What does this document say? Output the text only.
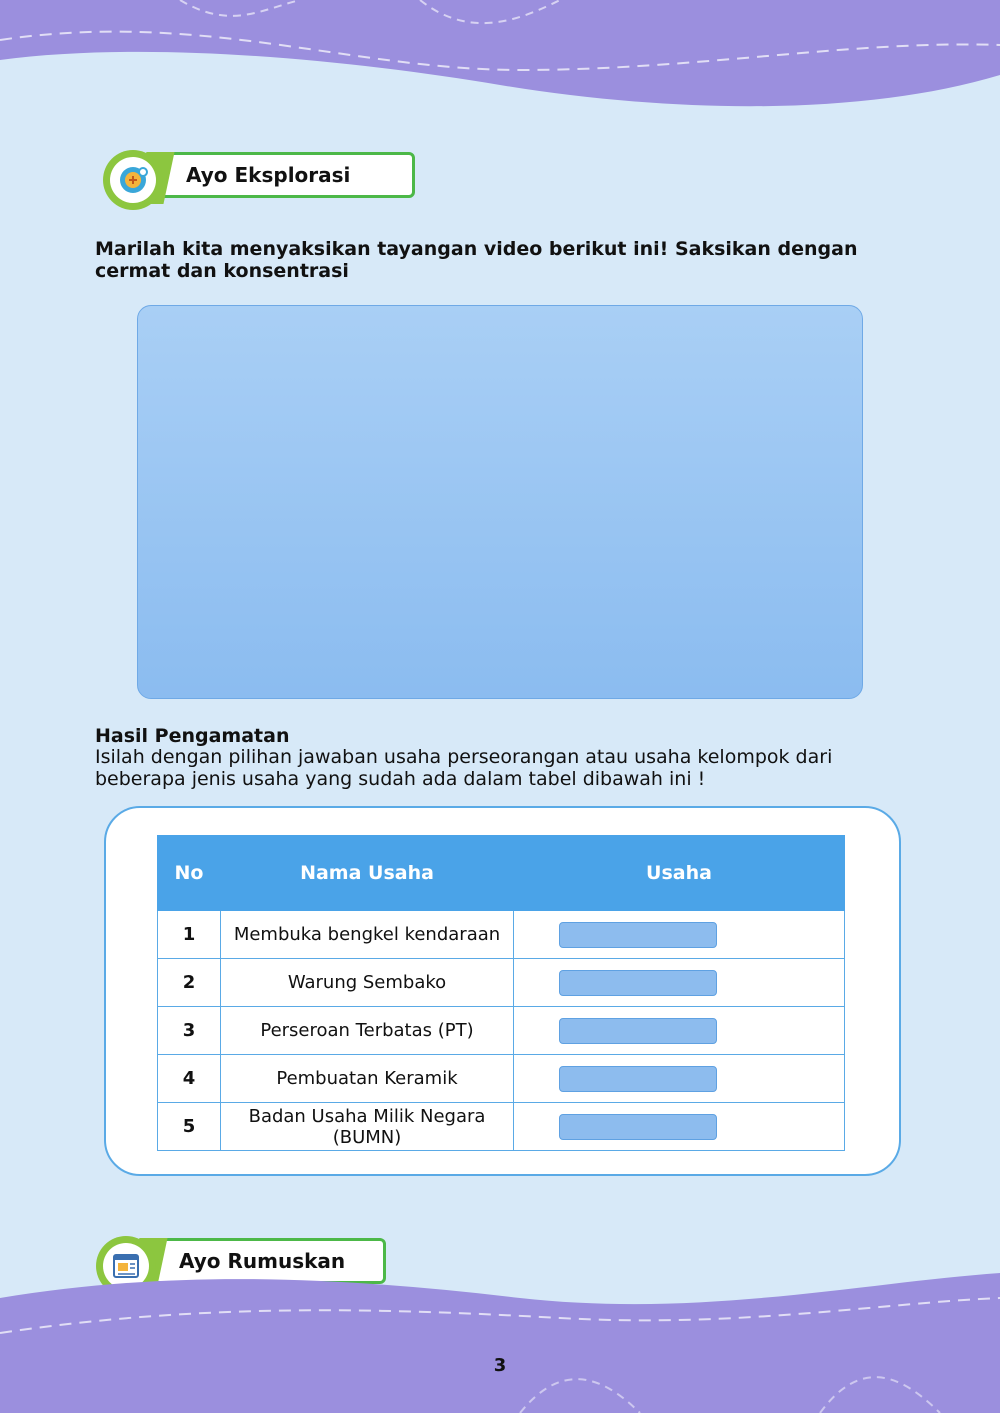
Ayo Eksplorasi

Marilah kita menyaksikan tayangan video berikut ini! Saksikan dengan cermat dan konsentrasi

Hasil Pengamatan

Isilah dengan pilihan jawaban usaha perseorangan atau usaha kelompok dari beberapa jenis usaha yang sudah ada dalam tabel dibawah ini !

No	Nama Usaha	Usaha
1	Membuka bengkel kendaraan	

2	Warung Sembako	

3	Perseroan Terbatas (PT)	

4	Pembuatan Keramik	

5	Badan Usaha Milik Negara (BUMN)	
Ayo Rumuskan
3
